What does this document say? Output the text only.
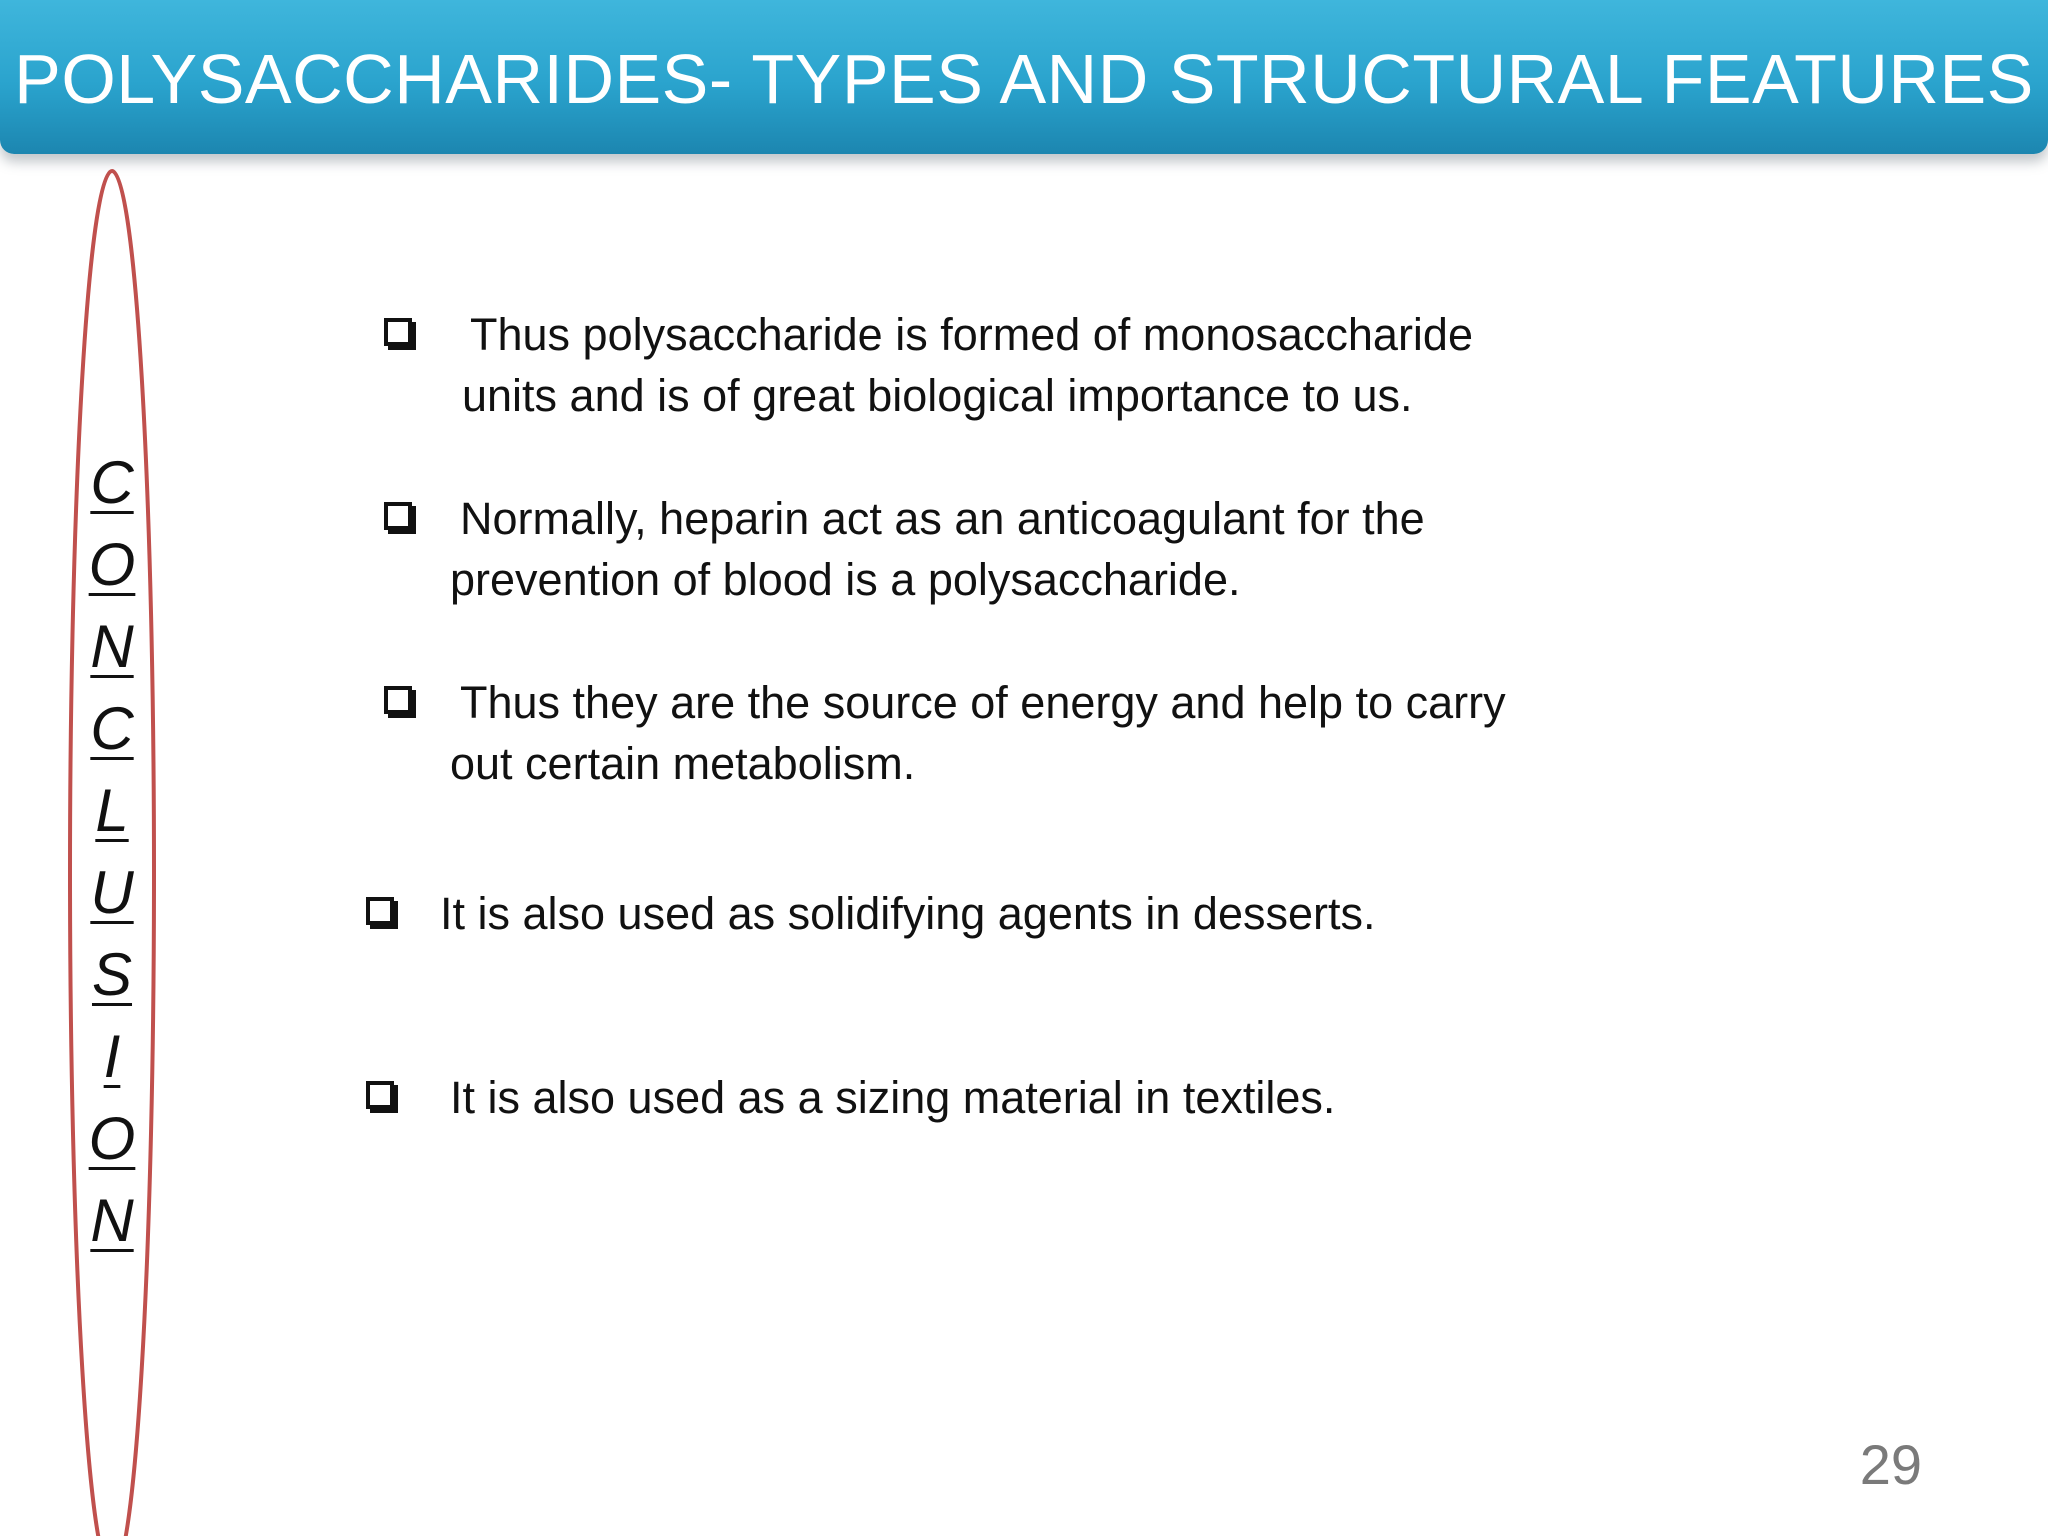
POLYSACCHARIDES- TYPES AND STRUCTURAL FEATURES
C
O
N
C
L
U
S
I
O
N
Thus polysaccharide is formed of monosaccharide
units and is of great biological importance to us.
Normally, heparin act as an anticoagulant for the
prevention of blood is a polysaccharide.
Thus they are the source of energy and help to carry
out certain metabolism.
It is also used as solidifying agents in desserts.
It is also used as a sizing material in textiles.
29
